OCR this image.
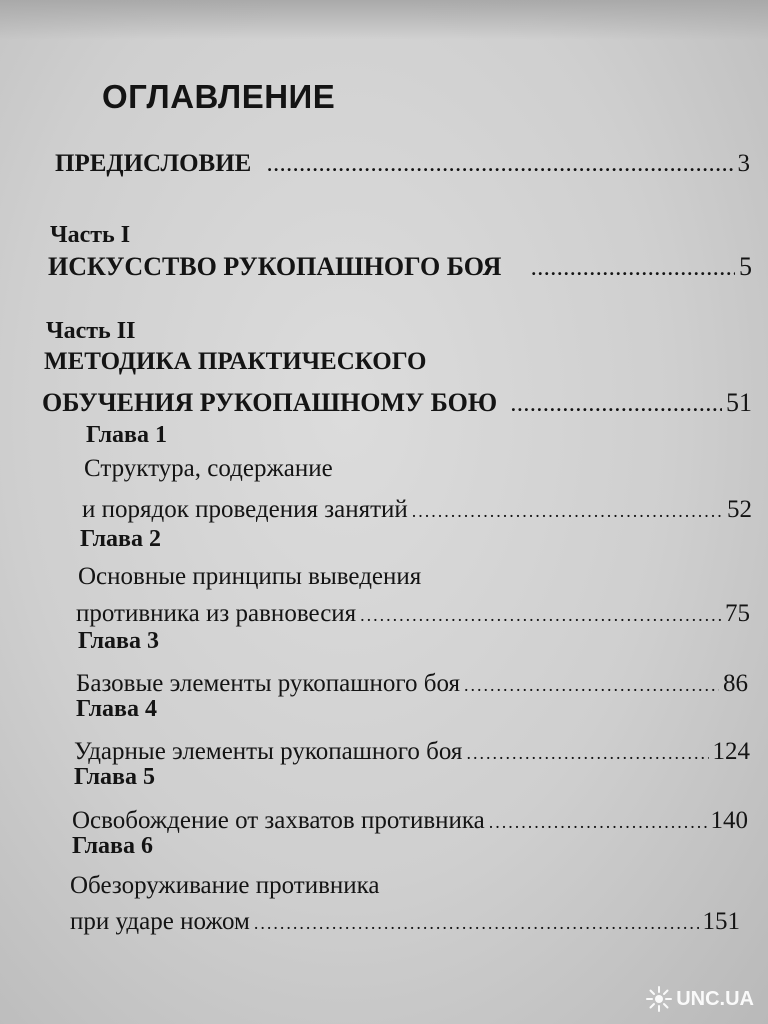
ОГЛАВЛЕНИЕ
ПРЕДИСЛОВИЕ .....	3
Часть I
ИСКУССТВО РУКОПАШНОГО БОЯ .....	5
Часть II
МЕТОДИКА ПРАКТИЧЕСКОГО
ОБУЧЕНИЯ РУКОПАШНОМУ БОЮ .....	51
Глава 1
Структура, содержание
и порядок проведения занятий .....	52
Глава 2
Основные принципы выведения
противника из равновесия .....	75
Глава 3
Базовые элементы рукопашного боя .....	86
Глава 4
Ударные элементы рукопашного боя .....	124
Глава 5
Освобождение от захватов противника .....	140
Глава 6
Обезоруживание противника
при ударе ножом .....	151
UNC.UA
